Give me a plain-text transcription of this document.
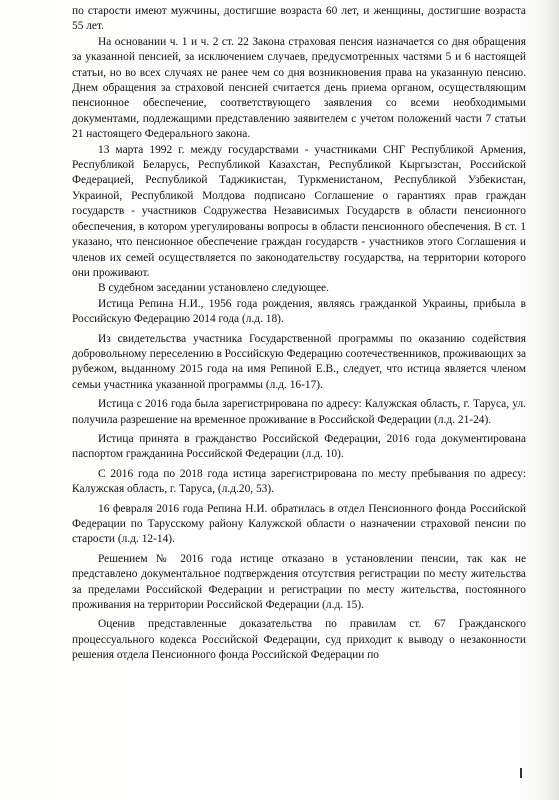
по старости имеют мужчины, достигшие возраста 60 лет, и женщины, достигшие возраста 55 лет.

На основании ч. 1 и ч. 2 ст. 22 Закона страховая пенсия назначается со дня обращения за указанной пенсией, за исключением случаев, предусмотренных частями 5 и 6 настоящей статьи, но во всех случаях не ранее чем со дня возникновения права на указанную пенсию. Днем обращения за страховой пенсией считается день приема органом, осуществляющим пенсионное обеспечение, соответствующего заявления со всеми необходимыми документами, подлежащими представлению заявителем с учетом положений части 7 статьи 21 настоящего Федерального закона.

13 марта 1992 г. между государствами - участниками СНГ Республикой Армения, Республикой Беларусь, Республикой Казахстан, Республикой Кыргызстан, Российской Федерацией, Республикой Таджикистан, Туркменистаном, Республикой Узбекистан, Украиной, Республикой Молдова подписано Соглашение о гарантиях прав граждан государств - участников Содружества Независимых Государств в области пенсионного обеспечения, в котором урегулированы вопросы в области пенсионного обеспечения. В ст. 1 указано, что пенсионное обеспечение граждан государств - участников этого Соглашения и членов их семей осуществляется по законодательству государства, на территории которого они проживают.

В судебном заседании установлено следующее.

Истица Репина Н.И., 1956 года рождения, являясь гражданкой Украины, прибыла в Российскую Федерацию 2014 года (л.д. 18).

Из свидетельства участника Государственной программы по оказанию содействия добровольному переселению в Российскую Федерацию соотечественников, проживающих за рубежом, выданному 2015 года на имя Репиной Е.В., следует, что истица является членом семьи участника указанной программы (л.д. 16-17).

Истица с 2016 года была зарегистрирована по адресу: Калужская область, г. Таруса, ул. получила разрешение на временное проживание в Российской Федерации (л.д. 21-24).

Истица принята в гражданство Российской Федерации, 2016 года документирована паспортом гражданина Российской Федерации (л.д. 10).

С 2016 года по 2018 года истица зарегистрирована по месту пребывания по адресу: Калужская область, г. Таруса, (л.д.20, 53).

16 февраля 2016 года Репина Н.И. обратилась в отдел Пенсионного фонда Российской Федерации по Тарусскому району Калужской области о назначении страховой пенсии по старости (л.д. 12-14).

Решением № 2016 года истице отказано в установлении пенсии, так как не представлено документальное подтверждения отсутствия регистрации по месту жительства за пределами Российской Федерации и регистрации по месту жительства, постоянного проживания на территории Российской Федерации (л.д. 15).

Оценив представленные доказательства по правилам ст. 67 Гражданского процессуального кодекса Российской Федерации, суд приходит к выводу о незаконности решения отдела Пенсионного фонда Российской Федерации по
